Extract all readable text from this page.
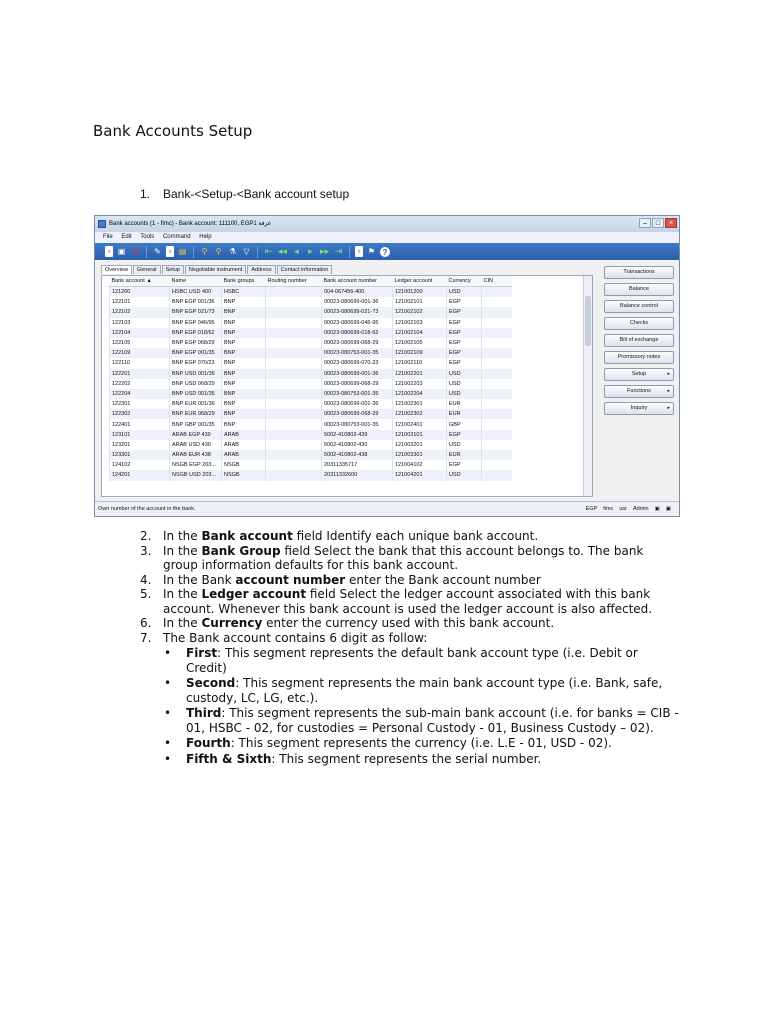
Bank Accounts Setup
1. Bank-<Setup-<Bank account setup
Bank accounts (1 - fimc) - Bank account: 111100, EGP1 غرفة	–	□	×
File Edit Tools Command Help
▫ ▣ ✕ ✎ ▫ ▤	⚲	⚲ ⚗ ▽ ⇤ ◂◂ ◂	▸ ▸▸ ⇥	▫ ⚑ ?
Overview	General	Setup	Negotiable instrument	Address	Contact information
Bank account ▲	Name	Bank groups	Routing number	Bank account number	Ledger account	Currency	CIN
121200	HSBC USD 400	HSBC		004-067456-400	121001200	USD	
122101	BNP EGP 001/36	BNP		00023-080699-001-36	121002101	EGP	
122102	BNP EGP 021/73	BNP		00023-080699-021-73	121002102	EGP	
122103	BNP EGP 046/95	BNP		00023-080699-046-95	121002103	EGP	
122104	BNP EGP 018/62	BNP		00023-080699-018-62	121002104	EGP	
122105	BNP EGP 068/29	BNP		00023-080699-068-29	121002105	EGP	
122109	BNP EGP 001/35	BNP		00023-080753-001-35	121002109	EGP	
122110	BNP EGP 070/23	BNP		00023-080699-070-23	121002110	EGP	
122201	BNP USD 001/36	BNP		00023-080699-001-36	121002201	USD	
122202	BNP USD 068/29	BNP		00023-080699-068-29	121002203	USD	
122204	BNP USD 001/35	BNP		00023-080753-001-35	121002204	USD	
122301	BNP EUR 001/36	BNP		00023-080699-001-36	121002301	EUR	
122302	BNP EUR 068/29	BNP		00023-080699-068-29	121002302	EUR	
122401	BNP GBP 001/35	BNP		00023-080753-001-35	121002401	GBP	
123101	ARAB EGP 439	ARAB		5002-410802-439	121003101	EGP	
123201	ARAB USD 430	ARAB		5002-410802-430	121003201	USD	
123301	ARAB EUR 438	ARAB		5002-410802-438	121003301	EUR	
124102	NSGB EGP 203...	NSGB		20311335717	121004102	EGP	
124201	NSGB USD 203...	NSGB		20311332600	121004201	USD	
Transactions
Balance
Balance control
Checks
Bill of exchange
Promissory notes
Setup	▸
Functions	▸
Inquiry	▸
Own number of the account in the bank.	EGP fimc usr Admin ▣ ▣
2. In the Bank account field Identify each unique bank account.
3. In the Bank Group field Select the bank that this account belongs to. The bank group information defaults for this bank account.
4. In the Bank account number enter the Bank account number
5. In the Ledger account field Select the ledger account associated with this bank account. Whenever this bank account is used the ledger account is also affected.
6. In the Currency enter the currency used with this bank account.
7. The Bank account contains 6 digit as follow:
• First: This segment represents the default bank account type (i.e. Debit or Credit)
• Second: This segment represents the main bank account type (i.e. Bank, safe, custody, LC, LG, etc.).
• Third: This segment represents the sub-main bank account (i.e. for banks = CIB - 01, HSBC - 02, for custodies = Personal Custody - 01, Business Custody – 02).
• Fourth: This segment represents the currency (i.e. L.E - 01, USD - 02).
• Fifth & Sixth: This segment represents the serial number.
